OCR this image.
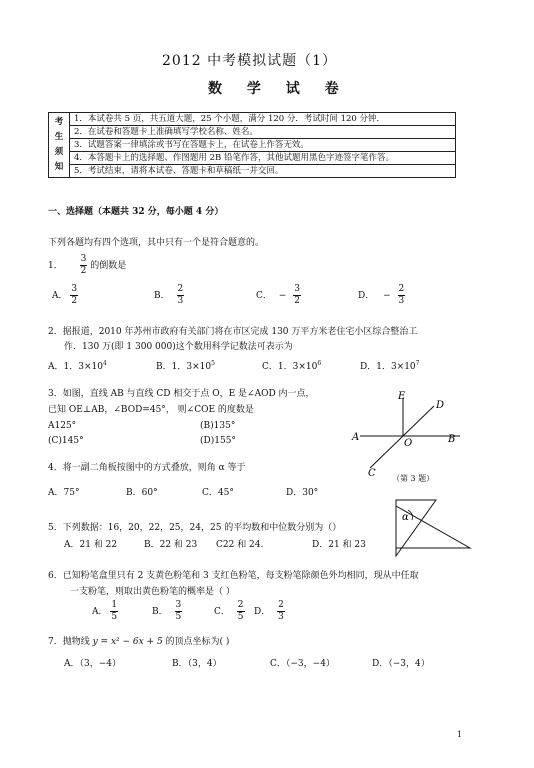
2012 中考模拟试题（1）
数 学 试 卷
考
生
须
知
	1．本试卷共 5 页，共五道大题，25 个小题，满分 120 分．考试时间 120 分钟．
2．在试卷和答题卡上准确填写学校名称、姓名。
3．试题答案一律填涂或书写在答题卡上，在试卷上作答无效。
4．本答题卡上的选择题、作图题用 2B 铅笔作答，其他试题用黑色字迹签字笔作答。
5．考试结束，请将本试卷、答题卡和草稿纸一并交回。
一、选择题（本题共 32 分，每小题 4 分）
下列各题均有四个选项，其中只有一个是符合题意的。
1． $\frac{3}{2}$ 的倒数是
A． $\frac{3}{2}$	B． $\frac{2}{3}$	C． − $\frac{3}{2}$	D． − $\frac{2}{3}$
2．据报道，2010 年苏州市政府有关部门将在市区完成 130 万平方米老住宅小区综合整治工
作．130 万(即 1 300 000)这个数用科学记数法可表示为
A．1．$3\times 10^4$	B．1．$3\times 10^5$	C．1．$3\times 10^6$	D．1．$3\times 10^7$
3．如图，直线 AB 与直线 CD 相交于点 O，E 是∠AOD 内一点，
已知 OE⊥AB，∠BOD=45°， 则∠COE 的度数是
A125°	(B)135°
(C)145°	(D)155°
E
D
A
O	B
C （第 3 题）
4．将一副二角板按图中的方式叠放，则角 α 等于
A．75°	B．60°	C．45°	D．30°
α
5．下列数据：16，20，22，25，24，25 的平均数和中位数分别为（）
A．21 和 22	B．22 和 23 C22 和 24.	D．21 和 23
6．已知粉笔盒里只有 2 支黄色粉笔和 3 支红色粉笔，每支粉笔除颜色外均相同，现从中任取
一支粉笔，则取出黄色粉笔的概率是（ ）
A． $\frac{1}{5}$	B． $\frac{3}{5}$	C． $\frac{2}{5}$ D． $\frac{2}{3}$
7．抛物线 y = x² − 6x + 5 的顶点坐标为( )
A．（3，−4）	B．（3，4）	C．（−3，−4）	D．（−3，4）
1
